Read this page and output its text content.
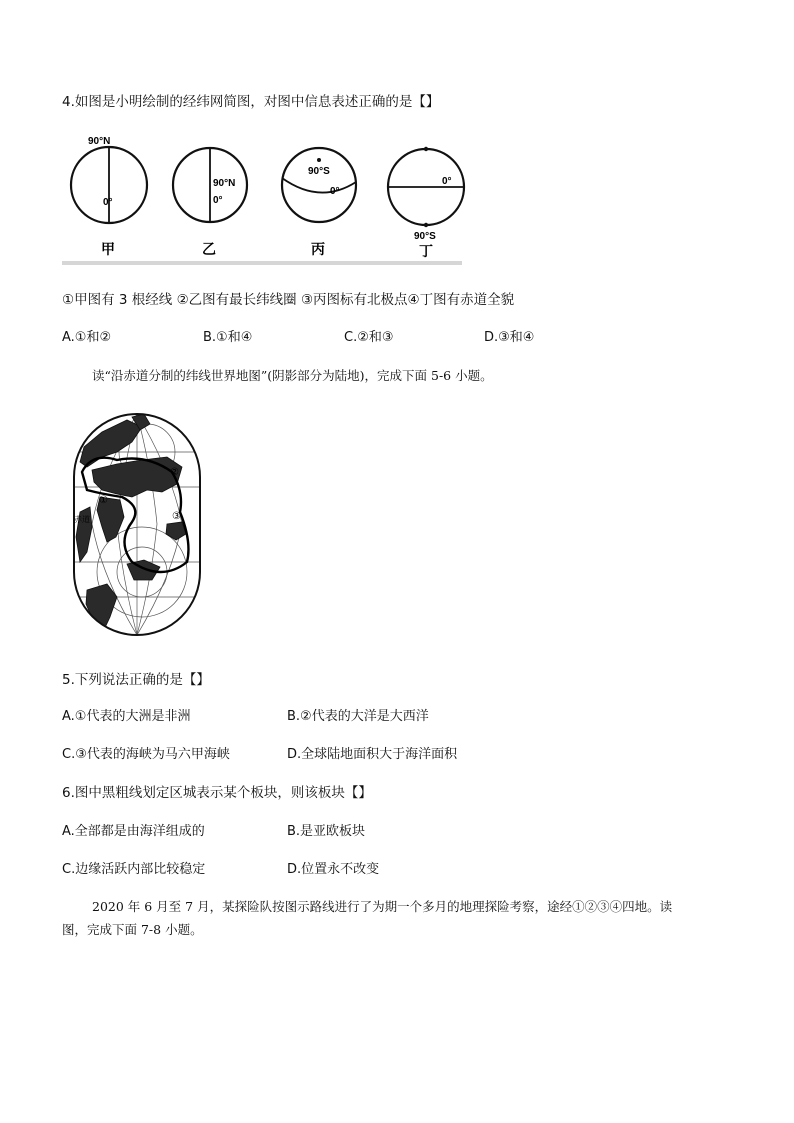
4.如图是小明绘制的经纬网简图，对图中信息表述正确的是【】
90°N
0°
甲
90°N
0°
乙
90°S
0°
丙
0°
90°S
丁
①甲图有 3 根经线 ②乙图有最长纬线圈 ③丙图标有北极点④丁图有赤道全貌
A.①和②	B.①和④	C.②和③	D.③和④
读“沿赤道分制的纬线世界地图”(阴影部分为陆地)，完成下面 5-6 小题。
①
②
③
赤道
5.下列说法正确的是【】
A.①代表的大洲是非洲	B.②代表的大洋是大西洋
C.③代表的海峡为马六甲海峡	D.全球陆地面积大于海洋面积
6.图中黑粗线划定区城表示某个板块，则该板块【】
A.全部都是由海洋组成的	B.是亚欧板块
C.边缘活跃内部比较稳定	D.位置永不改变
2020 年 6 月至 7 月，某探险队按图示路线进行了为期一个多月的地理探险考察，途经①②③④四地。读
图，完成下面 7-8 小题。
